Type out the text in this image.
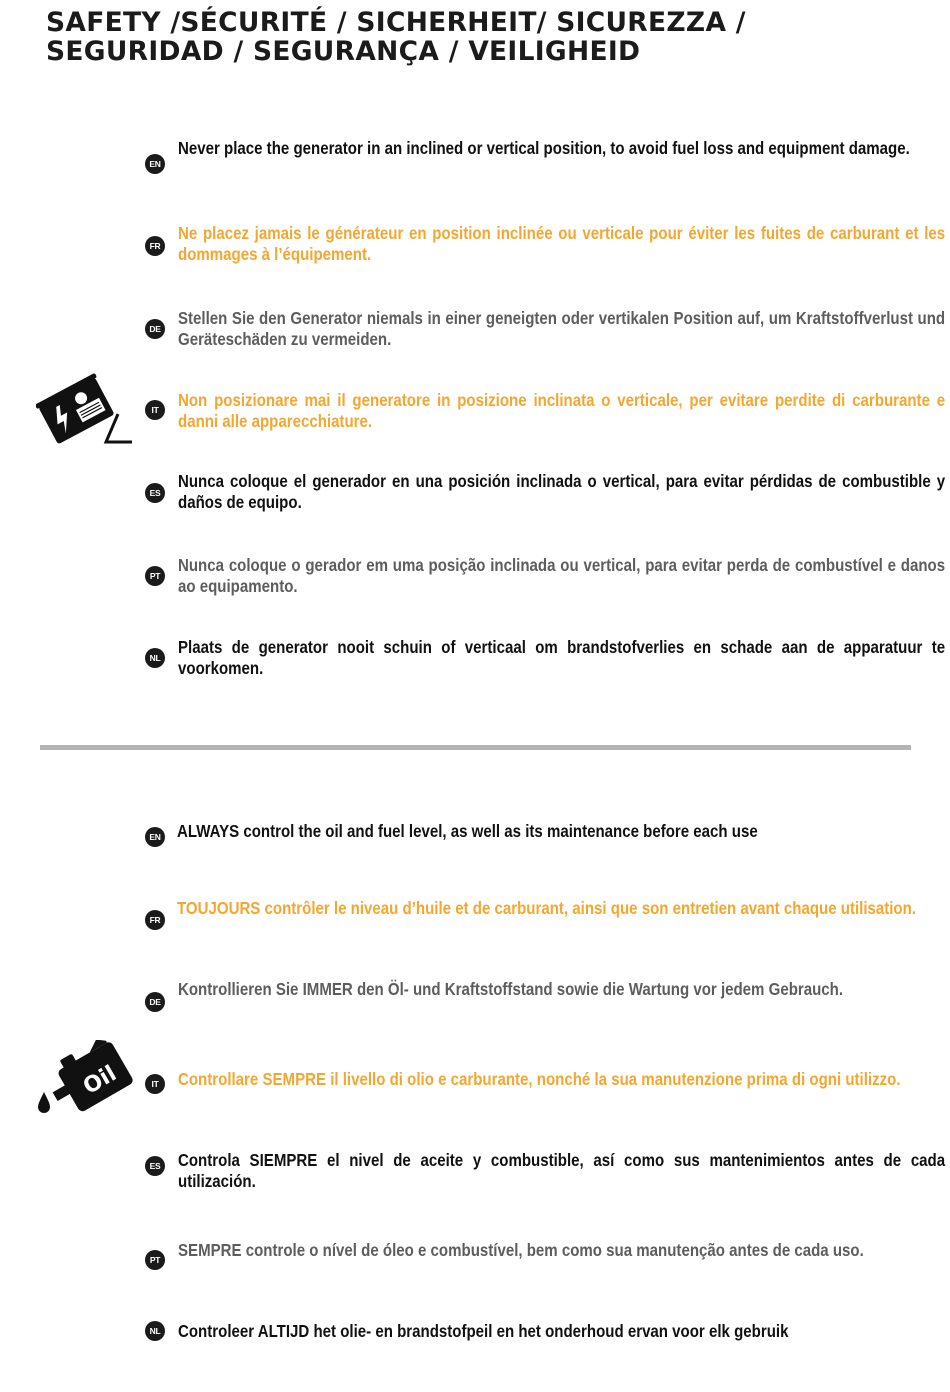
SAFETY /SÉCURITÉ / SICHERHEIT/ SICUREZZA /
SEGURIDAD / SEGURANÇA / VEILIGHEID
EN
Never place the generator in an inclined or vertical position, to avoid fuel loss and equipment damage.
FR
Ne placez jamais le générateur en position inclinée ou verticale pour éviter les fuites de carburant et les dommages à l’équipement.
DE
Stellen Sie den Generator niemals in einer geneigten oder vertikalen Position auf, um Kraftstoffverlust und Geräteschäden zu vermeiden.
IT	Non posizionare mai il generatore in posizione inclinata o verticale, per evitare perdite di carburante e danni alle apparecchiature.
ES
Nunca coloque el generador en una posición inclinada o vertical, para evitar pérdidas de combustible y daños de equipo.
PT
Nunca coloque o gerador em uma posição inclinada ou vertical, para evitar perda de combustível e danos ao equipamento.
NL
Plaats de generator nooit schuin of verticaal om brandstofverlies en schade aan de apparatuur te voorkomen.
Oil
EN ALWAYS control the oil and fuel level, as well as its maintenance before each use
FR
TOUJOURS contrôler le niveau d’huile et de carburant, ainsi que son entretien avant chaque utilisation.
DE
Kontrollieren Sie IMMER den Öl- und Kraftstoffstand sowie die Wartung vor jedem Gebrauch.
IT	Controllare SEMPRE il livello di olio e carburante, nonché la sua manutenzione prima di ogni utilizzo.
ES Controla SIEMPRE el nivel de aceite y combustible, así como sus mantenimientos antes de cada utilización.
PT SEMPRE controle o nível de óleo e combustível, bem como sua manutenção antes de cada uso.
NL Controleer ALTIJD het olie- en brandstofpeil en het onderhoud ervan voor elk gebruik
